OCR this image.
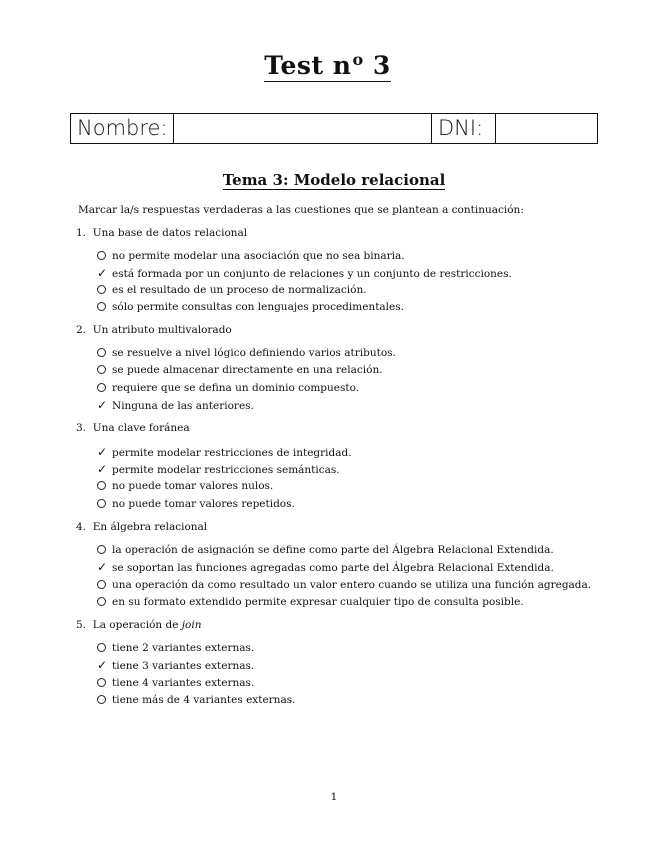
Test $n^o$ 3
Nombre:	DNI:
Tema 3: Modelo relacional
Marcar la/s respuestas verdaderas a las cuestiones que se plantean a continuación:
1. Una base de datos relacional
no permite modelar una asociación que no sea binaria.
✓ está formada por un conjunto de relaciones y un conjunto de restricciones.
es el resultado de un proceso de normalización.
sólo permite consultas con lenguajes procedimentales.
2. Un atributo multivalorado
se resuelve a nivel lógico definiendo varios atributos.
se puede almacenar directamente en una relación.
requiere que se defina un dominio compuesto.
✓ Ninguna de las anteriores.
3. Una clave foránea
✓ permite modelar restricciones de integridad.
✓ permite modelar restricciones semánticas.
no puede tomar valores nulos.
no puede tomar valores repetidos.
4. En álgebra relacional
la operación de asignación se define como parte del Álgebra Relacional Extendida.
✓ se soportan las funciones agregadas como parte del Álgebra Relacional Extendida.
una operación da como resultado un valor entero cuando se utiliza una función agregada.
en su formato extendido permite expresar cualquier tipo de consulta posible.
5. La operación de join
tiene 2 variantes externas.
✓ tiene 3 variantes externas.
tiene 4 variantes externas.
tiene más de 4 variantes externas.
1
